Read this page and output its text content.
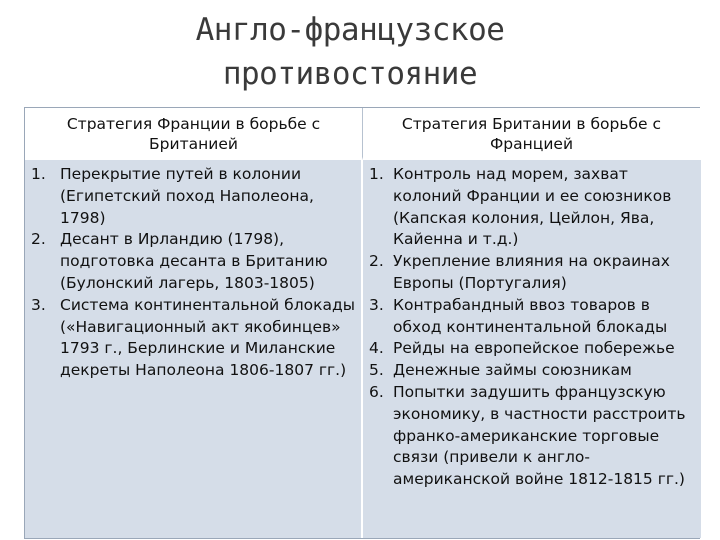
Англо-французское
противостояние
Стратегия Франции в борьбе с Британией
Стратегия Британии в борьбе с Францией
1. Перекрытие путей в колонии (Египетский поход Наполеона, 1798)
2. Десант в Ирландию (1798), подготовка десанта в Британию (Булонский лагерь, 1803-1805)
3. Система континентальной блокады («Навигационный акт якобинцев» 1793 г., Берлинские и Миланские декреты Наполеона 1806-1807 гг.)
1. Контроль над морем, захват колоний Франции и ее союзников (Капская колония, Цейлон, Ява, Кайенна и т.д.)
2. Укрепление влияния на окраинах Европы (Португалия)
3. Контрабандный ввоз товаров в обход континентальной блокады
4. Рейды на европейское побережье
5. Денежные займы союзникам
6. Попытки задушить французскую экономику, в частности расстроить франко-американские торговые связи (привели к англо-американской войне 1812-1815 гг.)
